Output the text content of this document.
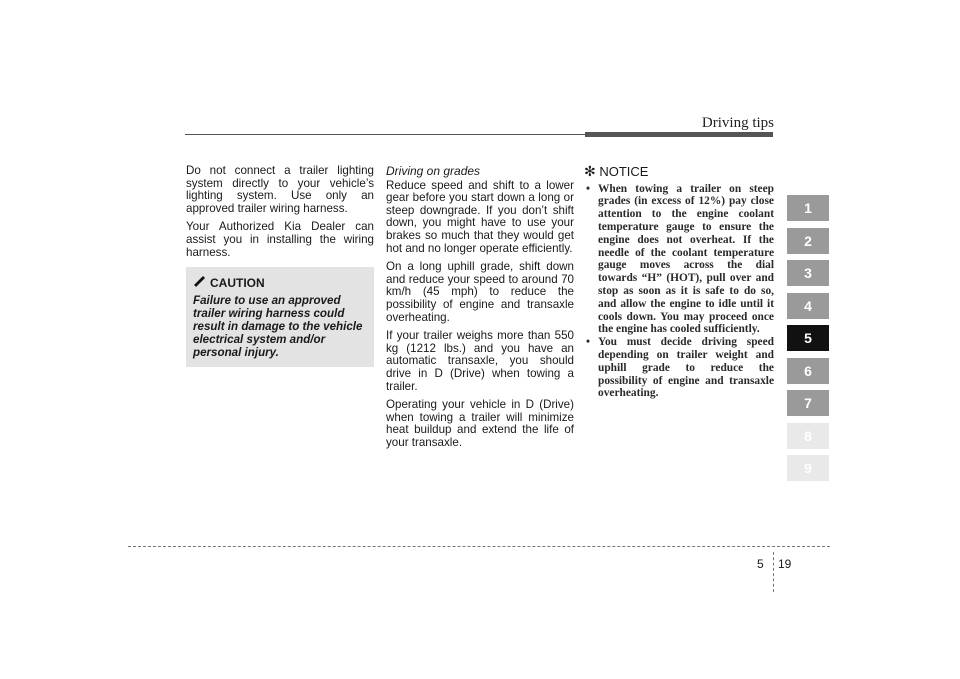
Driving tips

Do not connect a trailer lighting system directly to your vehicle’s lighting system. Use only an approved trailer wiring harness.

Your Authorized Kia Dealer can assist you in installing the wiring harness.

CAUTION
Failure to use an approved trailer wiring harness could result in damage to the vehicle electrical system and/or personal injury.
Driving on grades

Reduce speed and shift to a lower gear before you start down a long or steep downgrade. If you don’t shift down, you might have to use your brakes so much that they would get hot and no longer operate efficiently.

On a long uphill grade, shift down and reduce your speed to around 70 km/h (45 mph) to reduce the possibility of engine and transaxle overheating.

If your trailer weighs more than 550 kg (1212 lbs.) and you have an automatic transaxle, you should drive in D (Drive) when towing a trailer.

Operating your vehicle in D (Drive) when towing a trailer will minimize heat buildup and extend the life of your transaxle.

✻ NOTICE
• When towing a trailer on steep grades (in excess of 12%) pay close attention to the engine coolant temperature gauge to ensure the engine does not overheat. If the needle of the coolant temperature gauge moves across the dial towards “H” (HOT), pull over and stop as soon as it is safe to do so, and allow the engine to idle until it cools down. You may proceed once the engine has cooled sufficiently.
• You must decide driving speed depending on trailer weight and uphill grade to reduce the possibility of engine and transaxle overheating.
1
2
3
4
5
6
7
8
9
5 19
